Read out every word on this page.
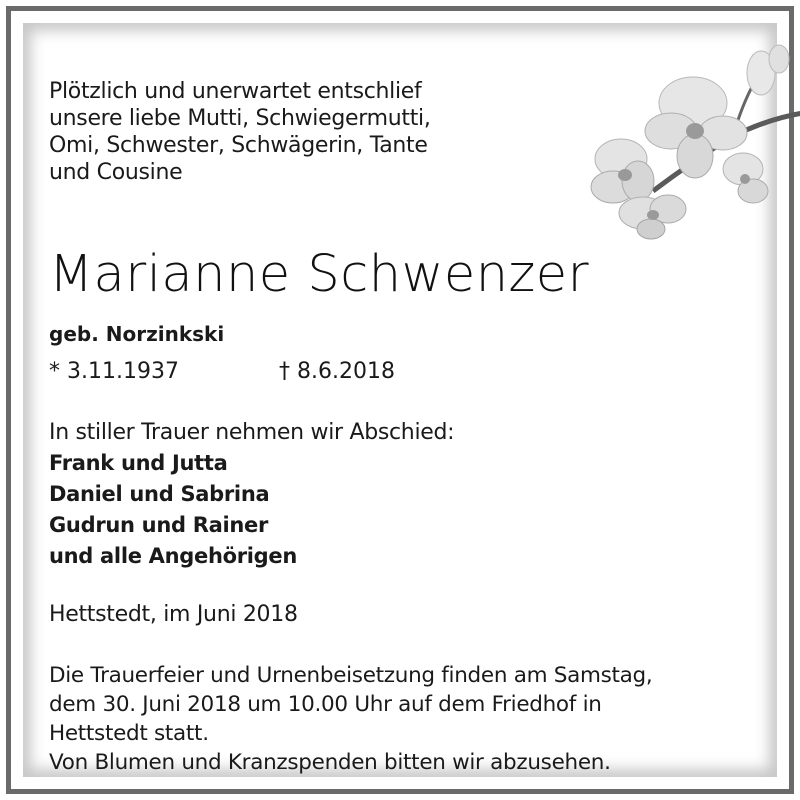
Plötzlich und unerwartet entschlief
unsere liebe Mutti, Schwiegermutti,
Omi, Schwester, Schwägerin, Tante
und Cousine
Marianne Schwenzer
geb. Norzinkski
* 3.11.1937	† 8.6.2018
In stiller Trauer nehmen wir Abschied:
Frank und Jutta
Daniel und Sabrina
Gudrun und Rainer
und alle Angehörigen
Hettstedt, im Juni 2018
Die Trauerfeier und Urnenbeisetzung finden am Samstag,
dem 30. Juni 2018 um 10.00 Uhr auf dem Friedhof in
Hettstedt statt.
Von Blumen und Kranzspenden bitten wir abzusehen.
